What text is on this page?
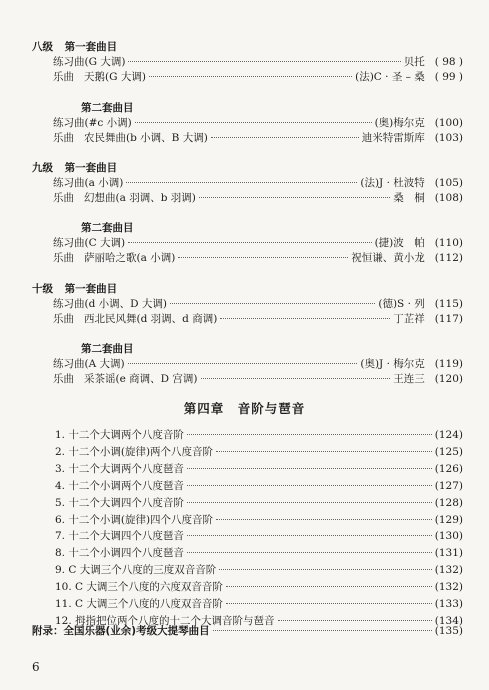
八级 第一套曲目
练习曲(G 大调)	贝托 ( 98 )
乐曲 天鹅(G 大调)	(法)C · 圣 – 桑 ( 99 )
第二套曲目
练习曲(#c 小调)	(奥)梅尔克 (100)
乐曲 农民舞曲(b 小调、B 大调)	迪米特雷斯库 (103)
九级 第一套曲目
练习曲(a 小调)	(法)J · 杜波特 (105)
乐曲 幻想曲(a 羽调、b 羽调)	桑　桐 (108)
第二套曲目
练习曲(C 大调)	(捷)波　帕 (110)
乐曲 萨丽哈之歌(a 小调)	祝恒谦、黄小龙 (112)
十级 第一套曲目
练习曲(d 小调、D 大调)	(德)S · 列 (115)
乐曲 西北民风舞(d 羽调、d 商调)	丁芷祥 (117)
第二套曲目
练习曲(A 大调)	(奥)J · 梅尔克 (119)
乐曲 采茶谣(e 商调、D 宫调)	王连三 (120)
第四章　音阶与琶音
1. 十二个大调两个八度音阶	(124)
2. 十二个小调(旋律)两个八度音阶	(125)
3. 十二个大调两个八度琶音	(126)
4. 十二个小调两个八度琶音	(127)
5. 十二个大调四个八度音阶	(128)
6. 十二个小调(旋律)四个八度音阶	(129)
7. 十二个大调四个八度琶音	(130)
8. 十二个小调四个八度琶音	(131)
9. C 大调三个八度的三度双音音阶	(132)
10. C 大调三个八度的六度双音音阶	(132)
11. C 大调三个八度的八度双音音阶	(133)
12. 拇指把位两个八度的十二个大调音阶与琶音	(134)
附录：全国乐器(业余)考级大提琴曲目	(135)
6
